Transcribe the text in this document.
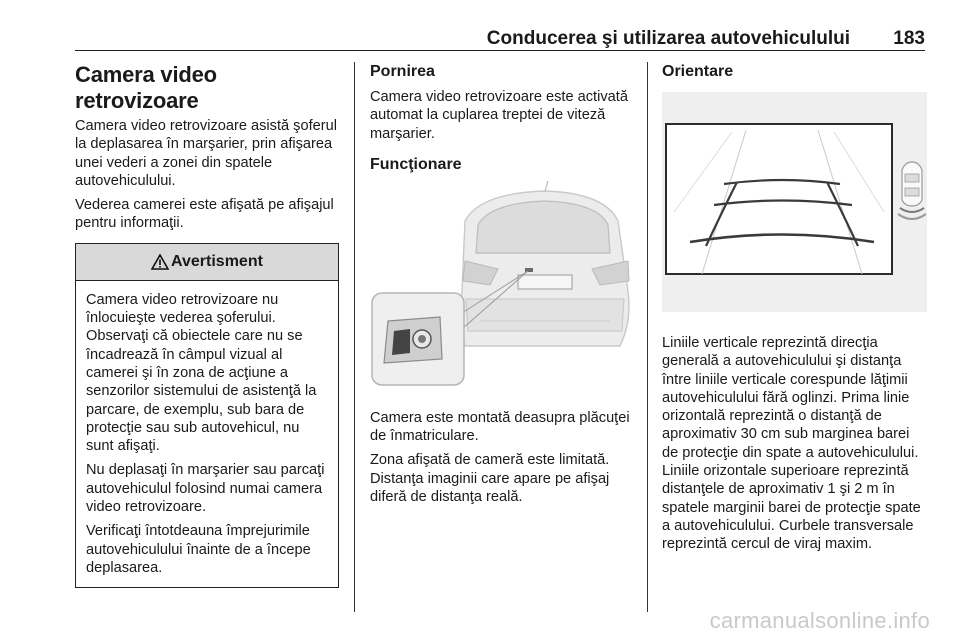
Conducerea şi utilizarea autovehiculului 183
Camera video retrovizoare

Camera video retrovizoare asistă şoferul la deplasarea în marşarier, prin afişarea unei vederi a zonei din spatele autovehiculului.

Vederea camerei este afişată pe afişajul pentru informaţii.

Avertisment

Camera video retrovizoare nu înlocuieşte vederea şoferului. Observaţi că obiectele care nu se încadrează în câmpul vizual al camerei şi în zona de acţiune a senzorilor sistemului de asistenţă la parcare, de exemplu, sub bara de protecţie sau sub autovehicul, nu sunt afişaţi.

Nu deplasaţi în marşarier sau parcaţi autovehiculul folosind numai camera video retrovizoare.

Verificaţi întotdeauna împrejurimile autovehiculului înainte de a începe deplasarea.

Pornirea

Camera video retrovizoare este activată automat la cuplarea treptei de viteză marşarier.

Funcţionare

Camera este montată deasupra plăcuţei de înmatriculare.

Zona afişată de cameră este limitată. Distanţa imaginii care apare pe afişaj diferă de distanţa reală.

Orientare

Liniile verticale reprezintă direcţia generală a autovehiculului şi distanţa între liniile verticale corespunde lăţimii autovehiculului fără oglinzi. Prima linie orizontală reprezintă o distanţă de aproximativ 30 cm sub marginea barei de protecţie din spate a autovehiculului. Liniile orizontale superioare reprezintă distanţele de aproximativ 1 şi 2 m în spatele marginii barei de protecţie spate a autovehiculului. Curbele transversale reprezintă cercul de viraj maxim.

carmanualsonline.info
